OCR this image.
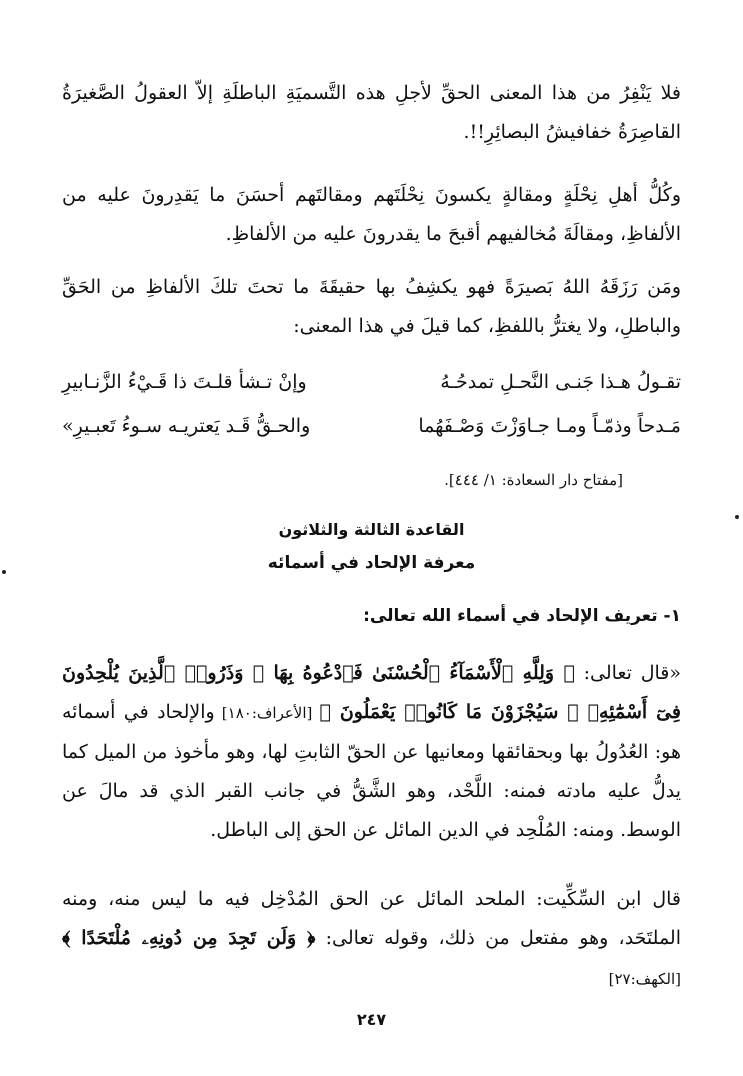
فلا يَنْفِرُ من هذا المعنى الحقِّ لأجلِ هذه التَّسميَةِ الباطلَةِ إلاّ العقولُ الصَّغيرَةُ القاصِرَةُ خفافيشُ البصائِرِ!!.

وكُلُّ أهلِ نِحْلَةٍ ومقالةٍ يكسونَ نِحْلَتَهم ومقالتَهم أحسَنَ ما يَقدِرونَ عليه من الألفاظِ، ومقالَةَ مُخالفيهم أقبحَ ما يقدرونَ عليه من الألفاظِ.

ومَن رَزَقَهُ اللهُ بَصيرَةً فهو يكشِفُ بها حقيقَةَ ما تحتَ تلكَ الألفاظِ من الحَقِّ والباطلِ، ولا يغترُّ باللفظِ، كما قيلَ في هذا المعنى:

تقـولُ هـذا جَنـى النَّحـلِ تمدحُـهُ
وإنْ تـشأ قلـتَ ذا قَـيْءُ الزَّنـابيرِ
مَـدحاً وذمّـاً ومـا جـاوَزْتَ وَصْـفَهُما
والحـقُّ قَـد يَعتريـه سـوءُ تَعبـيرِ»
[مفتاح دار السعادة: ١/ ٤٤٤].
القاعدة الثالثة والثلاثون
معرفة الإلحاد في أسمائه
١- تعريف الإلحاد في أسماء الله تعالى:

«قال تعالى: ﴿ وَلِلَّهِ ٱلْأَسْمَآءُ ٱلْحُسْنَىٰ فَٱدْعُوهُ بِهَا ۖ وَذَرُوا۟ ٱلَّذِينَ يُلْحِدُونَ فِىٓ أَسْمَٰٓئِهِۦ ۚ سَيُجْزَوْنَ مَا كَانُوا۟ يَعْمَلُونَ ﴾ [الأعراف:١٨٠] والإلحاد في أسمائه هو: العُدُولُ بها وبحقائقها ومعانيها عن الحقّ الثابتِ لها، وهو مأخوذ من الميل كما يدلُّ عليه مادته فمنه: اللَّحْد، وهو الشَّقُّ في جانب القبر الذي قد مالَ عن الوسط. ومنه: المُلْحِد في الدين المائل عن الحق إلى الباطل.

قال ابن السِّكِّيت: الملحد المائل عن الحق المُدْخِل فيه ما ليس منه، ومنه الملتَحَد، وهو مفتعل من ذلك، وقوله تعالى: ﴿ وَلَن تَجِدَ مِن دُونِهِۦ مُلْتَحَدًا ﴾ [الكهف:٢٧]

٢٤٧
